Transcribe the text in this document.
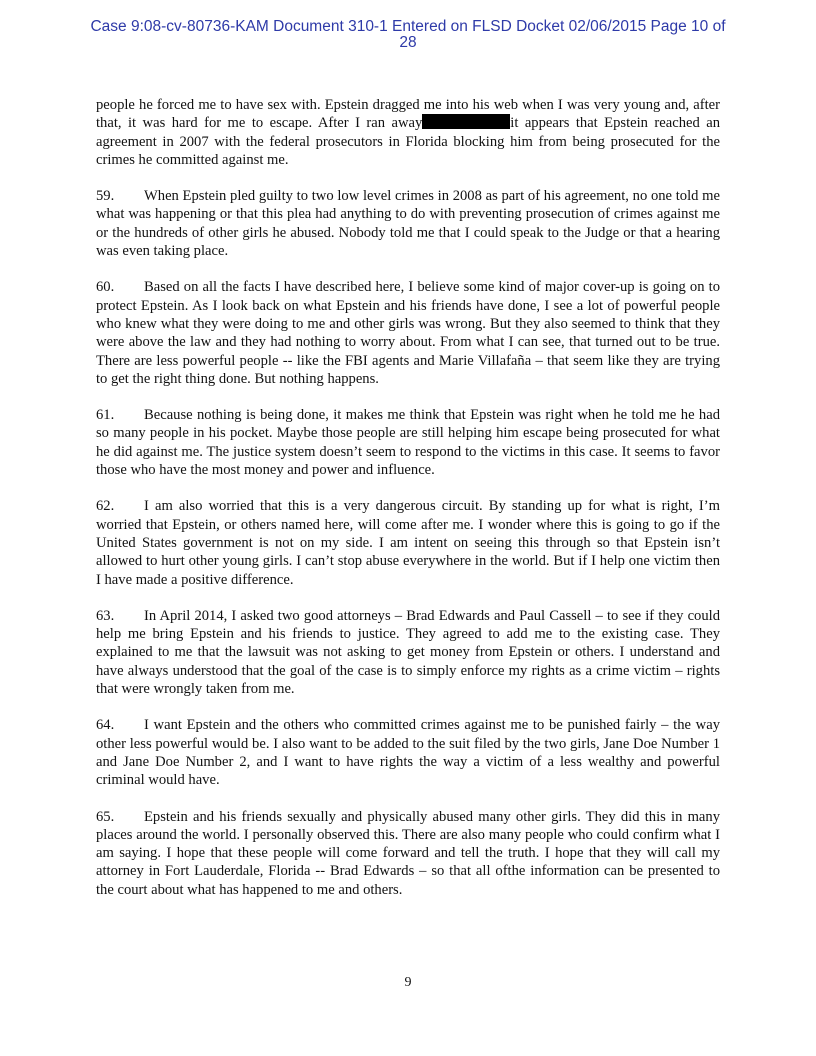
Case 9:08-cv-80736-KAM Document 310-1 Entered on FLSD Docket 02/06/2015 Page 10 of
28

people he forced me to have sex with. Epstein dragged me into his web when I was very young and, after that, it was hard for me to escape. After I ran away	it appears that Epstein reached an agreement in 2007 with the federal prosecutors in Florida blocking him from being prosecuted for the crimes he committed against me.

59. When Epstein pled guilty to two low level crimes in 2008 as part of his agreement, no one told me what was happening or that this plea had anything to do with preventing prosecution of crimes against me or the hundreds of other girls he abused. Nobody told me that I could speak to the Judge or that a hearing was even taking place.

60. Based on all the facts I have described here, I believe some kind of major cover-up is going on to protect Epstein. As I look back on what Epstein and his friends have done, I see a lot of powerful people who knew what they were doing to me and other girls was wrong. But they also seemed to think that they were above the law and they had nothing to worry about. From what I can see, that turned out to be true. There are less powerful people -- like the FBI agents and Marie Villafaña – that seem like they are trying to get the right thing done. But nothing happens.

61. Because nothing is being done, it makes me think that Epstein was right when he told me he had so many people in his pocket. Maybe those people are still helping him escape being prosecuted for what he did against me. The justice system doesn’t seem to respond to the victims in this case. It seems to favor those who have the most money and power and influence.

62. I am also worried that this is a very dangerous circuit. By standing up for what is right, I’m worried that Epstein, or others named here, will come after me. I wonder where this is going to go if the United States government is not on my side. I am intent on seeing this through so that Epstein isn’t allowed to hurt other young girls. I can’t stop abuse everywhere in the world. But if I help one victim then I have made a positive difference.

63. In April 2014, I asked two good attorneys – Brad Edwards and Paul Cassell – to see if they could help me bring Epstein and his friends to justice. They agreed to add me to the existing case. They explained to me that the lawsuit was not asking to get money from Epstein or others. I understand and have always understood that the goal of the case is to simply enforce my rights as a crime victim – rights that were wrongly taken from me.

64. I want Epstein and the others who committed crimes against me to be punished fairly – the way other less powerful would be. I also want to be added to the suit filed by the two girls, Jane Doe Number 1 and Jane Doe Number 2, and I want to have rights the way a victim of a less wealthy and powerful criminal would have.

65. Epstein and his friends sexually and physically abused many other girls. They did this in many places around the world. I personally observed this. There are also many people who could confirm what I am saying. I hope that these people will come forward and tell the truth. I hope that they will call my attorney in Fort Lauderdale, Florida -- Brad Edwards – so that all ofthe information can be presented to the court about what has happened to me and others.

9
